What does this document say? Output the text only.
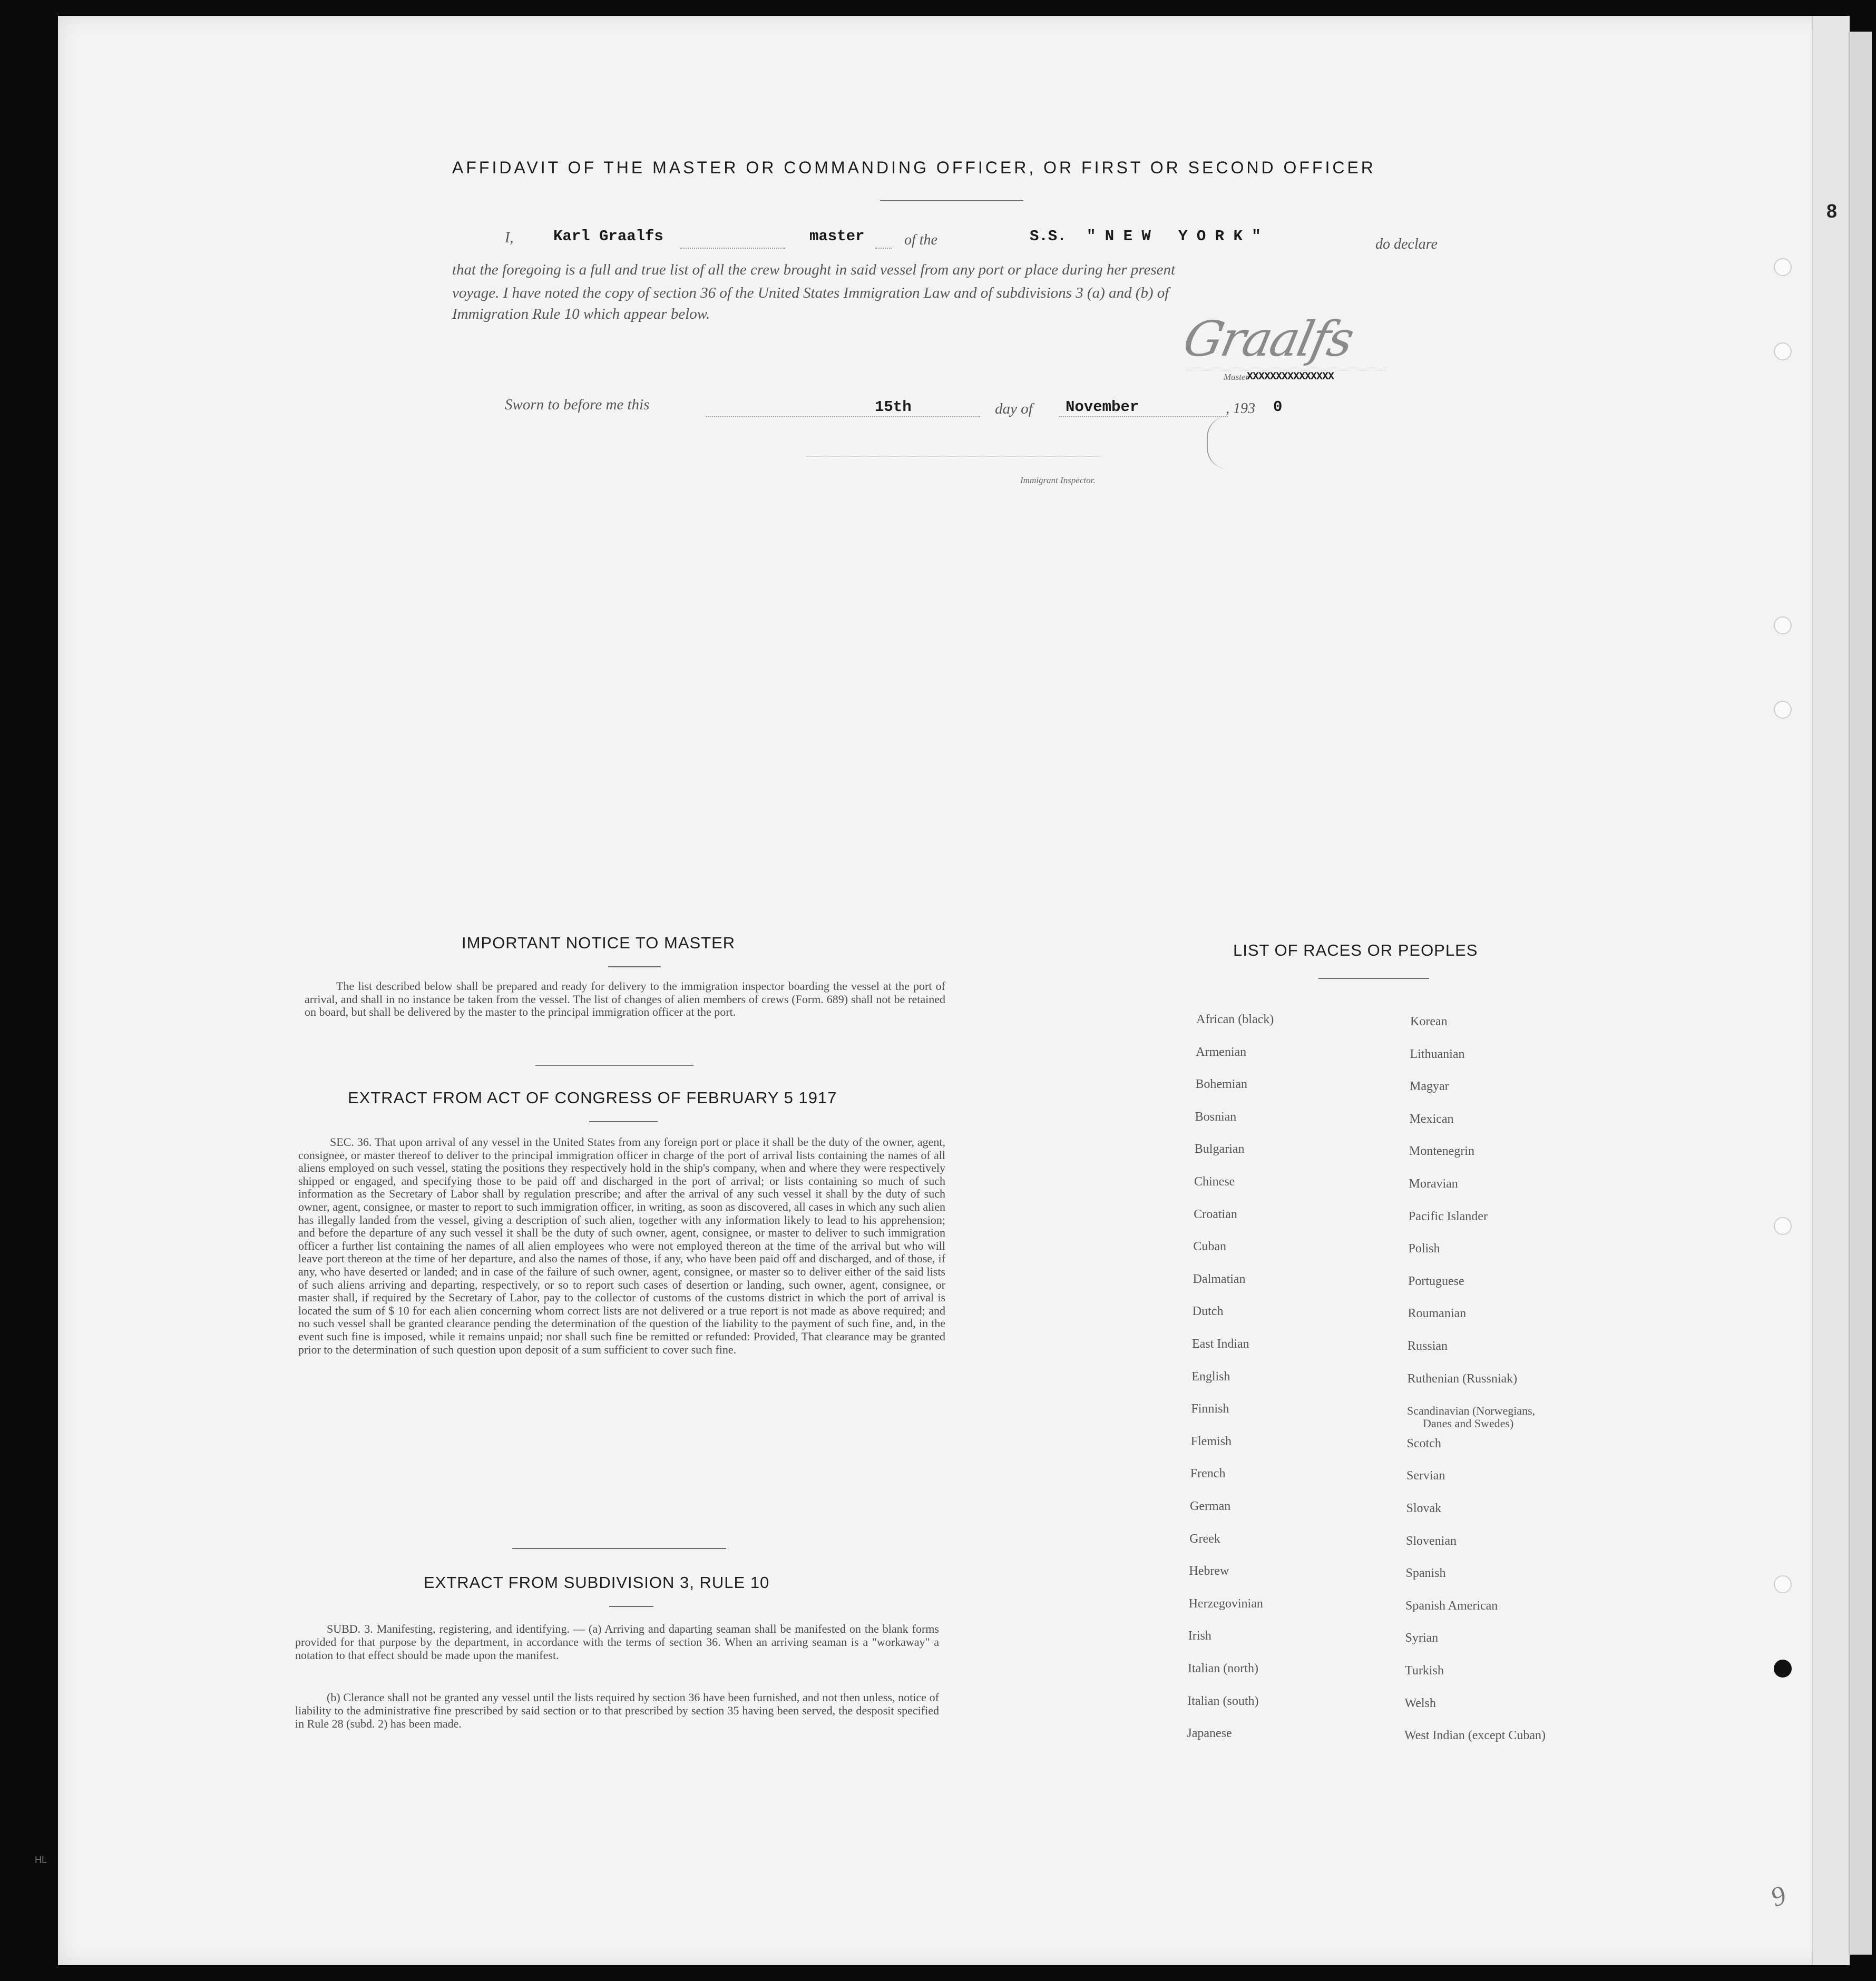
8
AFFIDAVIT OF THE MASTER OR COMMANDING OFFICER, OR FIRST OR SECOND OFFICER
I,	Karl Graalfs	master	of the	S.S. " N E W   Y O R K "	do declare
that the foregoing is a full and true list of all the crew brought in said vessel from any port or place during her present
voyage. I have noted the copy of section 36 of the United States Immigration Law and of subdivisions 3 (a) and (b) of
Immigration Rule 10 which appear below.	Graalfs
Master
XXXXXXXXXXXXXXX
Sworn to before me this	15th	day of November	, 193 0
Immigrant Inspector.
IMPORTANT NOTICE TO MASTER
The list described below shall be prepared and ready for delivery to the immigration inspector boarding the vessel at the port of arrival, and shall in no instance be taken from the vessel. The list of changes of alien members of crews (Form. 689) shall not be retained on board, but shall be delivered by the master to the principal immigration officer at the port.
EXTRACT FROM ACT OF CONGRESS OF FEBRUARY 5 1917
SEC. 36. That upon arrival of any vessel in the United States from any foreign port or place it shall be the duty of the owner, agent, consignee, or master thereof to deliver to the principal immigration officer in charge of the port of arrival lists containing the names of all aliens employed on such vessel, stating the positions they respectively hold in the ship's company, when and where they were respectively shipped or engaged, and specifying those to be paid off and discharged in the port of arrival; or lists containing so much of such information as the Secretary of Labor shall by regulation prescribe; and after the arrival of any such vessel it shall by the duty of such owner, agent, consignee, or master to report to such immigration officer, in writing, as soon as discovered, all cases in which any such alien has illegally landed from the vessel, giving a description of such alien, together with any information likely to lead to his apprehension; and before the departure of any such vessel it shall be the duty of such owner, agent, consignee, or master to deliver to such immigration officer a further list containing the names of all alien employees who were not employed thereon at the time of the arrival but who will leave port thereon at the time of her departure, and also the names of those, if any, who have been paid off and discharged, and of those, if any, who have deserted or landed; and in case of the failure of such owner, agent, consignee, or master so to deliver either of the said lists of such aliens arriving and departing, respectively, or so to report such cases of desertion or landing, such owner, agent, consignee, or master shall, if required by the Secretary of Labor, pay to the collector of customs of the customs district in which the port of arrival is located the sum of $ 10 for each alien concerning whom correct lists are not delivered or a true report is not made as above required; and no such vessel shall be granted clearance pending the determination of the question of the liability to the payment of such fine, and, in the event such fine is imposed, while it remains unpaid; nor shall such fine be remitted or refunded: Provided, That clearance may be granted prior to the determination of such question upon deposit of a sum sufficient to cover such fine.
EXTRACT FROM SUBDIVISION 3, RULE 10
SUBD. 3. Manifesting, registering, and identifying. — (a) Arriving and daparting seaman shall be manifested on the blank forms provided for that purpose by the department, in accordance with the terms of section 36. When an arriving seaman is a "workaway" a notation to that effect should be made upon the manifest.
(b) Clerance shall not be granted any vessel until the lists required by section 36 have been furnished, and not then unless, notice of liability to the administrative fine prescribed by said section or to that prescribed by section 35 having been served, the desposit specified in Rule 28 (subd. 2) has been made.
LIST OF RACES OR PEOPLES
African (black)
Armenian
Bohemian
Bosnian
Bulgarian
Chinese
Croatian
Cuban
Dalmatian
Dutch
East Indian
English
Finnish
Flemish
French
German
Greek
Hebrew
Herzegovinian
Irish
Italian (north)
Italian (south)
Japanese
Korean
Lithuanian
Magyar
Mexican
Montenegrin
Moravian
Pacific Islander
Polish
Portuguese
Roumanian
Russian
Ruthenian (Russniak)
Scandinavian (Norwegians,
Danes and Swedes)
Scotch
Servian
Slovak
Slovenian
Spanish
Spanish American
Syrian
Turkish
Welsh
West Indian (except Cuban)
HL
9
